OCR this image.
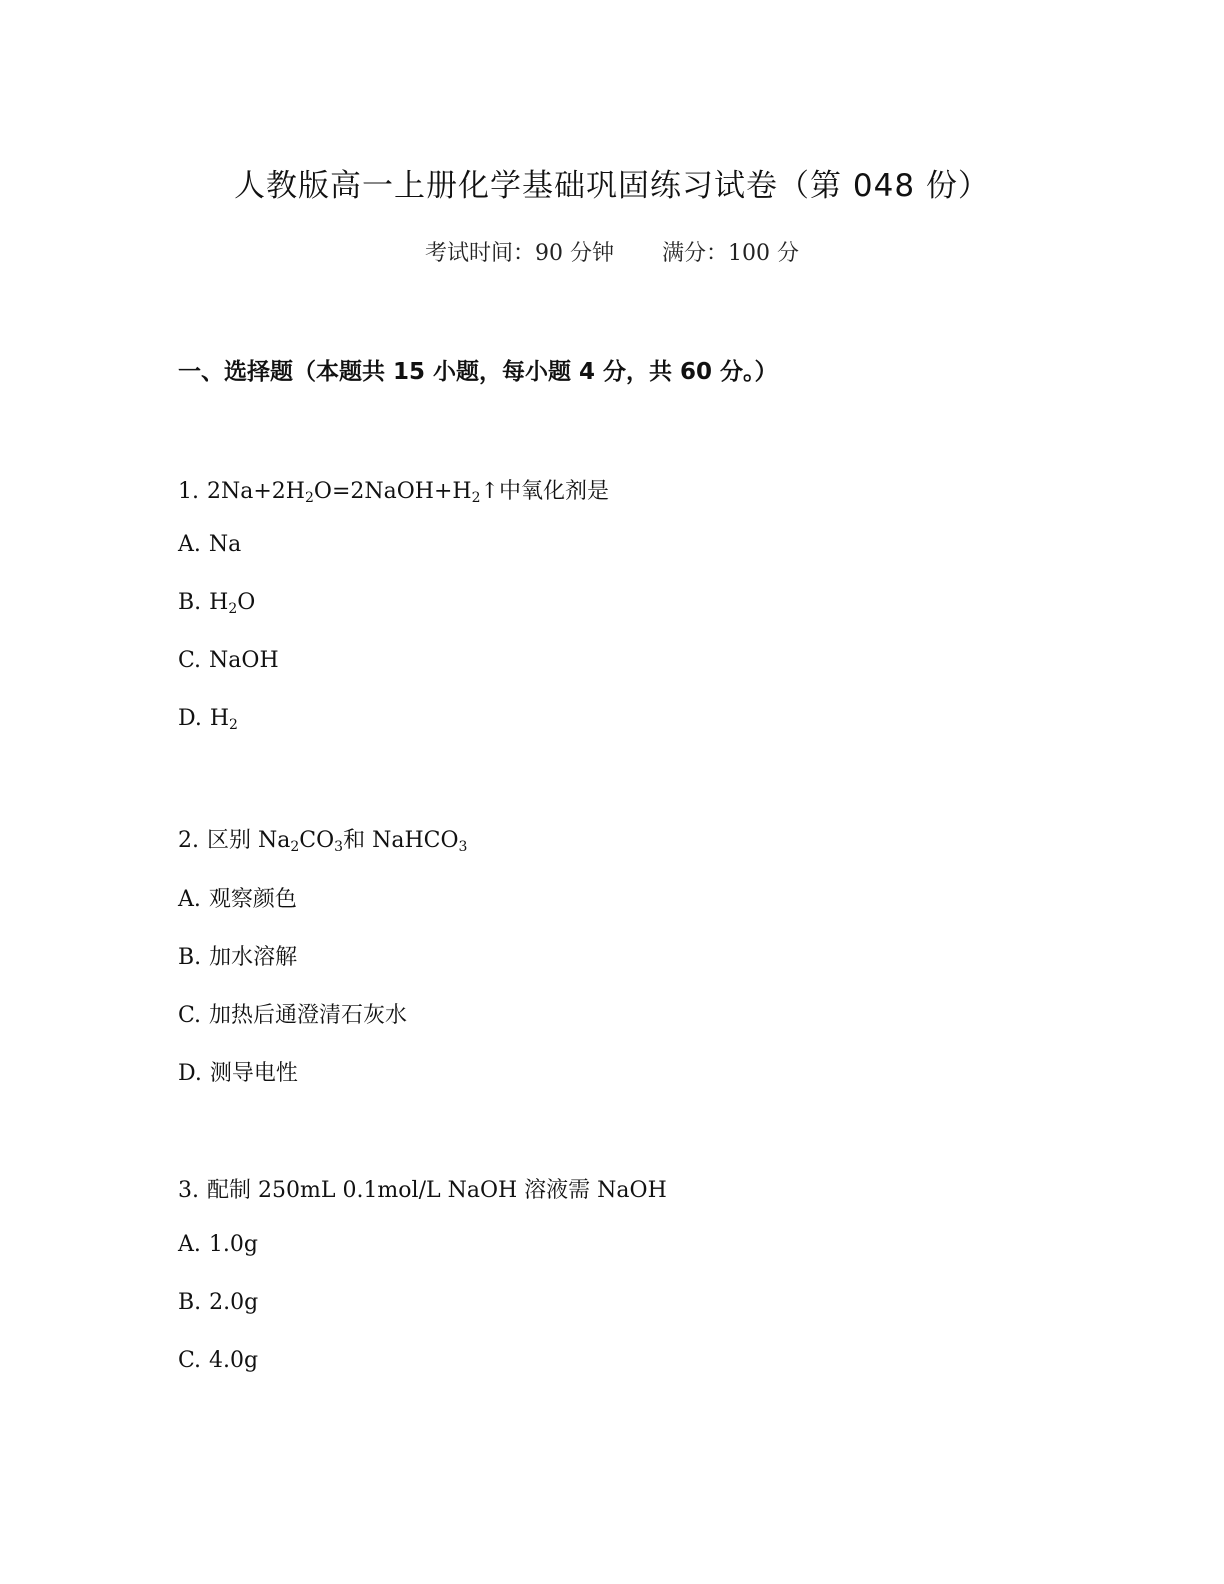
人教版高一上册化学基础巩固练习试卷（第 048 份）
考试时间：90 分钟 满分：100 分
一、选择题（本题共 15 小题，每小题 4 分，共 60 分。）
1. $2Na+2H_2O=2NaOH+H_2↑$中氧化剂是
A. Na
B. $H_2O$
C. NaOH
D. $H_2$
2. 区别 $Na_2CO_3$和 NaHCO$_3$
A. 观察颜色
B. 加水溶解
C. 加热后通澄清石灰水
D. 测导电性
3. 配制 250mL 0.1mol/L NaOH 溶液需 NaOH
A. 1.0g
B. 2.0g
C. 4.0g
